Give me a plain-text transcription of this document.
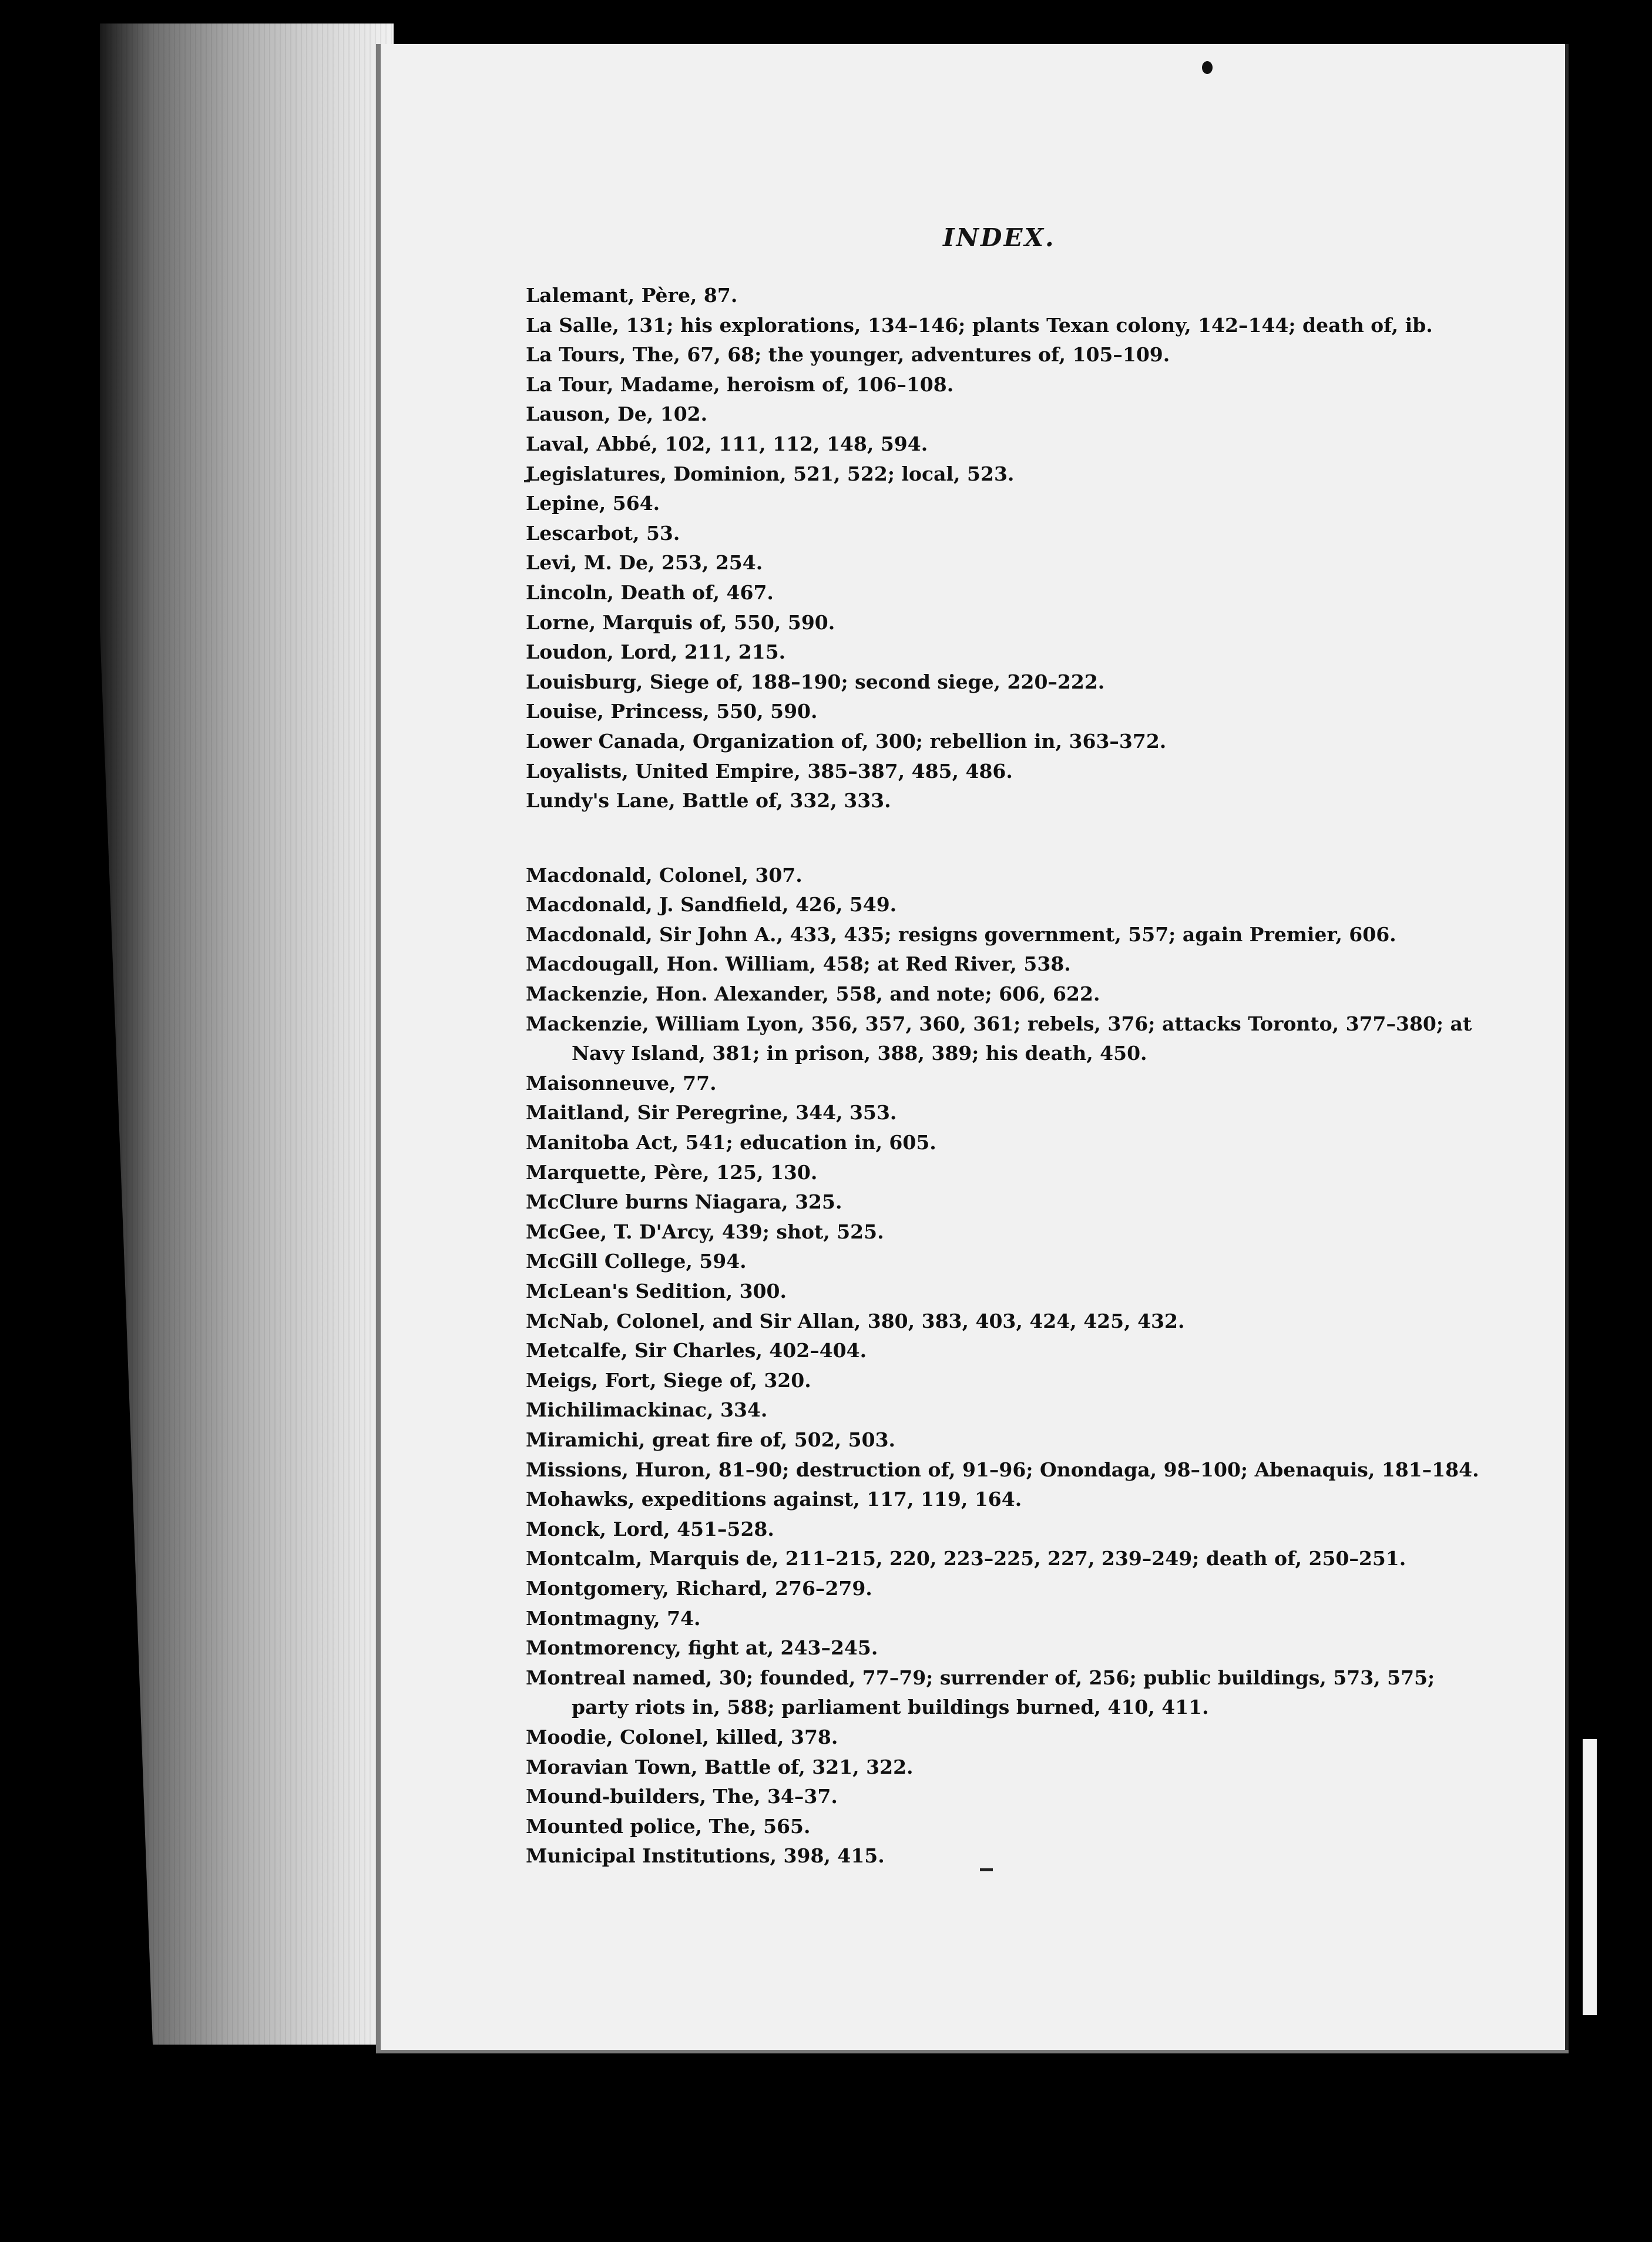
INDEX.
Lalemant, Père, 87.
La Salle, 131; his explorations, 134–146; plants Texan colony, 142–144; death of, ib.
La Tours, The, 67, 68; the younger, adventures of, 105–109.
La Tour, Madame, heroism of, 106–108.
Lauson, De, 102.
Laval, Abbé, 102, 111, 112, 148, 594.
Legislatures, Dominion, 521, 522; local, 523.
Lepine, 564.
Lescarbot, 53.
Levi, M. De, 253, 254.
Lincoln, Death of, 467.
Lorne, Marquis of, 550, 590.
Loudon, Lord, 211, 215.
Louisburg, Siege of, 188–190; second siege, 220–222.
Louise, Princess, 550, 590.
Lower Canada, Organization of, 300; rebellion in, 363–372.
Loyalists, United Empire, 385–387, 485, 486.
Lundy's Lane, Battle of, 332, 333.
Macdonald, Colonel, 307.
Macdonald, J. Sandfield, 426, 549.
Macdonald, Sir John A., 433, 435; resigns government, 557; again Premier, 606.
Macdougall, Hon. William, 458; at Red River, 538.
Mackenzie, Hon. Alexander, 558, and note; 606, 622.
Mackenzie, William Lyon, 356, 357, 360, 361; rebels, 376; attacks Toronto, 377–380; at
Navy Island, 381; in prison, 388, 389; his death, 450.
Maisonneuve, 77.
Maitland, Sir Peregrine, 344, 353.
Manitoba Act, 541; education in, 605.
Marquette, Père, 125, 130.
McClure burns Niagara, 325.
McGee, T. D'Arcy, 439; shot, 525.
McGill College, 594.
McLean's Sedition, 300.
McNab, Colonel, and Sir Allan, 380, 383, 403, 424, 425, 432.
Metcalfe, Sir Charles, 402–404.
Meigs, Fort, Siege of, 320.
Michilimackinac, 334.
Miramichi, great fire of, 502, 503.
Missions, Huron, 81–90; destruction of, 91–96; Onondaga, 98–100; Abenaquis, 181–184.
Mohawks, expeditions against, 117, 119, 164.
Monck, Lord, 451–528.
Montcalm, Marquis de, 211–215, 220, 223–225, 227, 239–249; death of, 250–251.
Montgomery, Richard, 276–279.
Montmagny, 74.
Montmorency, fight at, 243–245.
Montreal named, 30; founded, 77–79; surrender of, 256; public buildings, 573, 575;
party riots in, 588; parliament buildings burned, 410, 411.
Moodie, Colonel, killed, 378.
Moravian Town, Battle of, 321, 322.
Mound-builders, The, 34–37.
Mounted police, The, 565.
Municipal Institutions, 398, 415.
